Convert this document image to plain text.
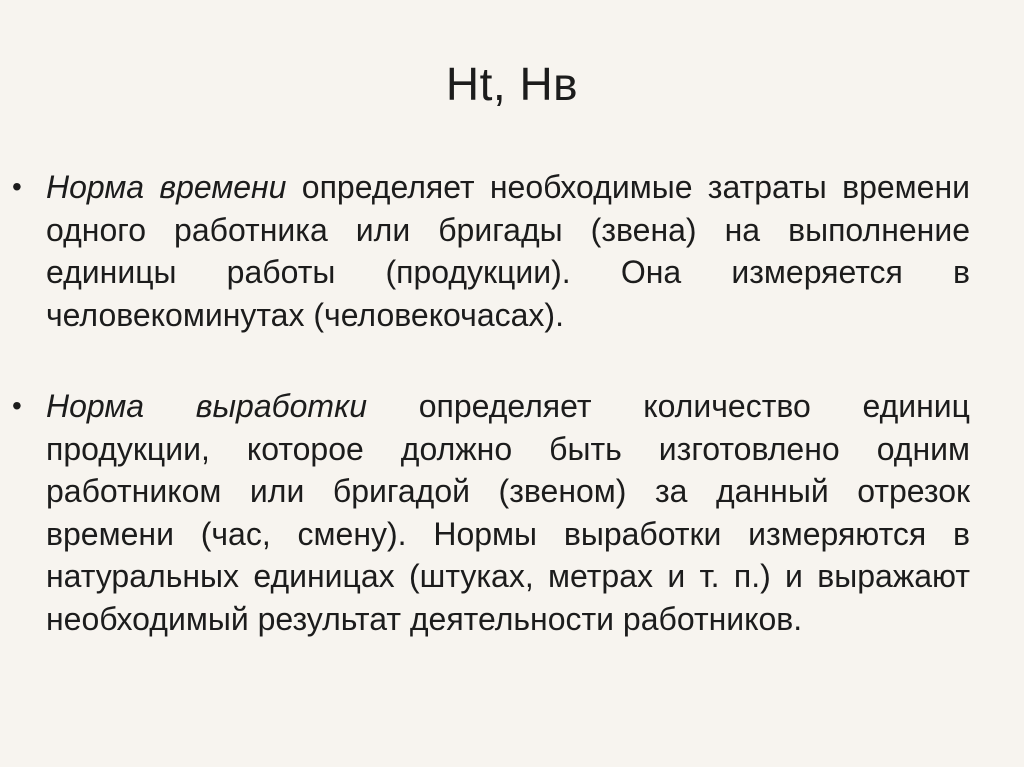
Нt, Нв
• Норма времени определяет необходимые затраты времени одного работника или бригады (звена) на выполнение единицы работы (продукции). Она измеряется в человекоминутах (человекочасах).
• Норма выработки определяет количество единиц продукции, которое должно быть изготовлено одним работником или бригадой (звеном) за данный отрезок времени (час, смену). Нормы выработки измеряются в натуральных единицах (штуках, метрах и т. п.) и выражают необходимый результат деятельности работников.
